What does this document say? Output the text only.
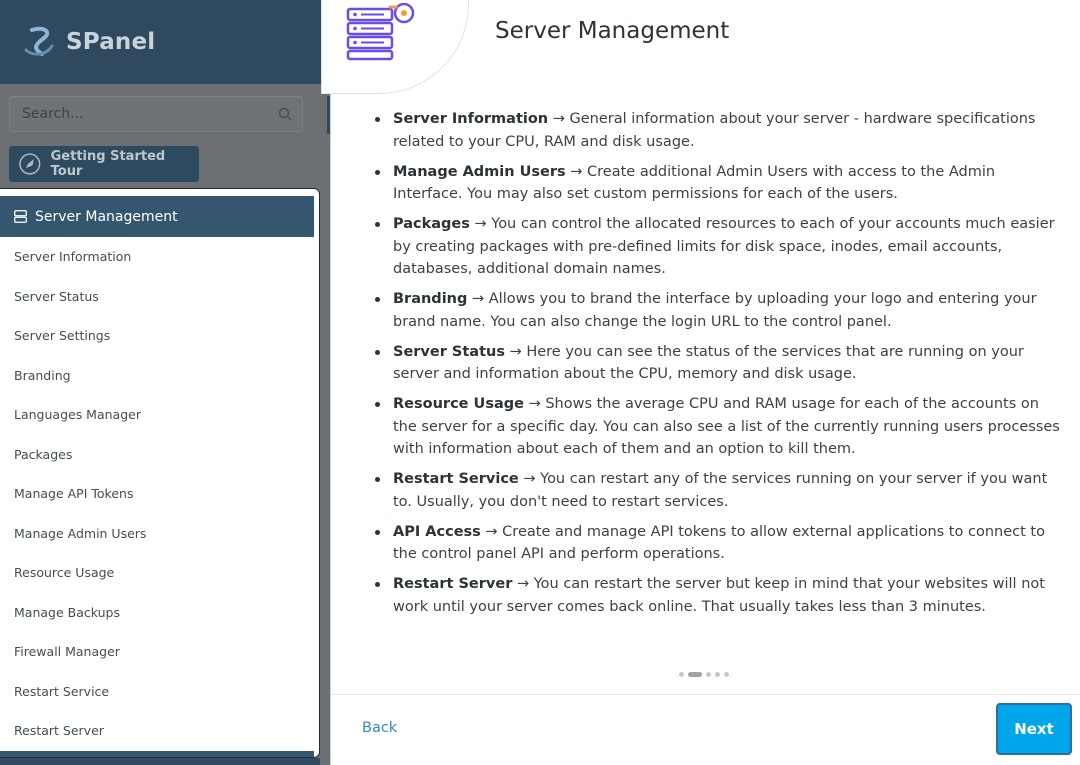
SPanel
Search...
Getting Started Tour
Server Management
Server Information
Server Status
Server Settings
Branding
Languages Manager
Packages
Manage API Tokens
Manage Admin Users
Resource Usage
Manage Backups
Firewall Manager
Restart Service
Restart Server
Server Management
Server Information → General information about your server - hardware specifications related to your CPU, RAM and disk usage.
Manage Admin Users → Create additional Admin Users with access to the Admin Interface. You may also set custom permissions for each of the users.
Packages → You can control the allocated resources to each of your accounts much easier by creating packages with pre-defined limits for disk space, inodes, email accounts, databases, additional domain names.
Branding → Allows you to brand the interface by uploading your logo and entering your brand name. You can also change the login URL to the control panel.
Server Status → Here you can see the status of the services that are running on your server and information about the CPU, memory and disk usage.
Resource Usage → Shows the average CPU and RAM usage for each of the accounts on the server for a specific day. You can also see a list of the currently running users processes with information about each of them and an option to kill them.
Restart Service → You can restart any of the services running on your server if you want to. Usually, you don't need to restart services.
API Access → Create and manage API tokens to allow external applications to connect to the control panel API and perform operations.
Restart Server → You can restart the server but keep in mind that your websites will not work until your server comes back online. That usually takes less than 3 minutes.
Back	Next
